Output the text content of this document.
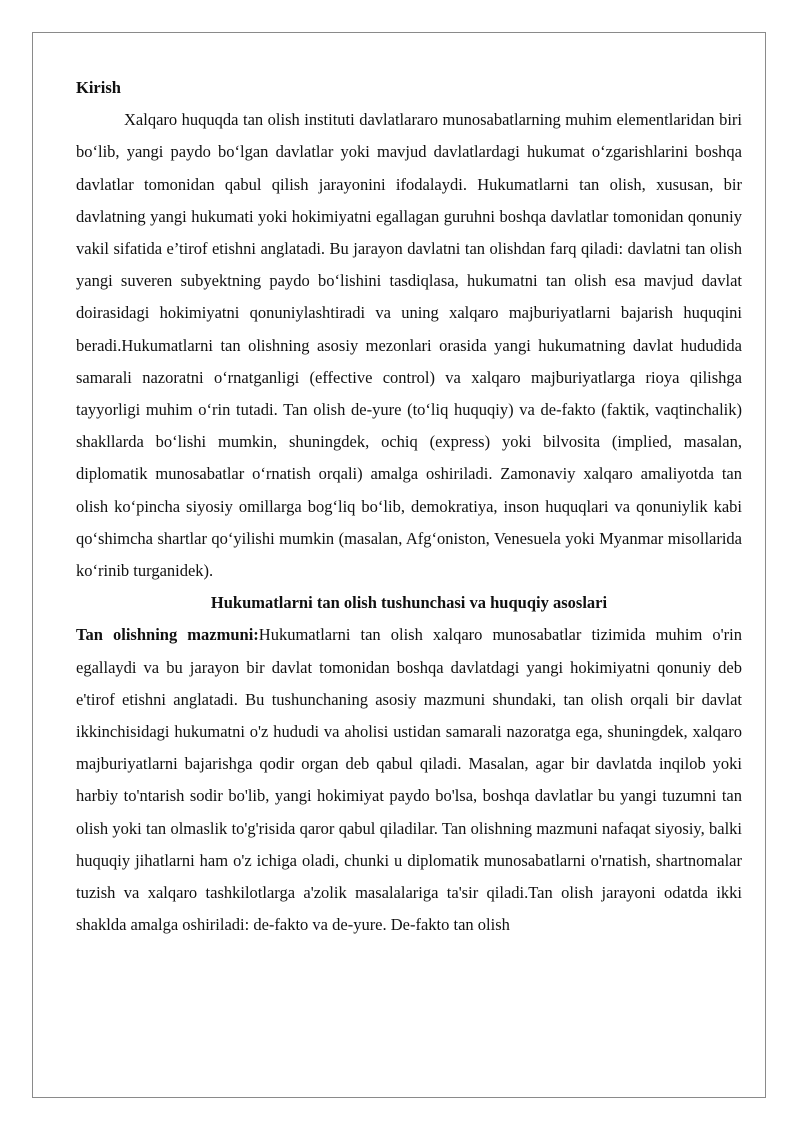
Kirish

Xalqaro huquqda tan olish instituti davlatlararo munosabatlarning muhim elementlaridan biri bo‘lib, yangi paydo bo‘lgan davlatlar yoki mavjud davlatlardagi hukumat o‘zgarishlarini boshqa davlatlar tomonidan qabul qilish jarayonini ifodalaydi. Hukumatlarni tan olish, xususan, bir davlatning yangi hukumati yoki hokimiyatni egallagan guruhni boshqa davlatlar tomonidan qonuniy vakil sifatida e’tirof etishni anglatadi. Bu jarayon davlatni tan olishdan farq qiladi: davlatni tan olish yangi suveren subyektning paydo bo‘lishini tasdiqlasa, hukumatni tan olish esa mavjud davlat doirasidagi hokimiyatni qonuniylashtiradi va uning xalqaro majburiyatlarni bajarish huquqini beradi.Hukumatlarni tan olishning asosiy mezonlari orasida yangi hukumatning davlat hududida samarali nazoratni o‘rnatganligi (effective control) va xalqaro majburiyatlarga rioya qilishga tayyorligi muhim o‘rin tutadi. Tan olish de-yure (to‘liq huquqiy) va de-fakto (faktik, vaqtinchalik) shakllarda bo‘lishi mumkin, shuningdek, ochiq (express) yoki bilvosita (implied, masalan, diplomatik munosabatlar o‘rnatish orqali) amalga oshiriladi. Zamonaviy xalqaro amaliyotda tan olish ko‘pincha siyosiy omillarga bog‘liq bo‘lib, demokratiya, inson huquqlari va qonuniylik kabi qo‘shimcha shartlar qo‘yilishi mumkin (masalan, Afg‘oniston, Venesuela yoki Myanmar misollarida ko‘rinib turganidek).

Hukumatlarni tan olish tushunchasi va huquqiy asoslari

Tan olishning mazmuni:Hukumatlarni tan olish xalqaro munosabatlar tizimida muhim o'rin egallaydi va bu jarayon bir davlat tomonidan boshqa davlatdagi yangi hokimiyatni qonuniy deb e'tirof etishni anglatadi. Bu tushunchaning asosiy mazmuni shundaki, tan olish orqali bir davlat ikkinchisidagi hukumatni o'z hududi va aholisi ustidan samarali nazoratga ega, shuningdek, xalqaro majburiyatlarni bajarishga qodir organ deb qabul qiladi. Masalan, agar bir davlatda inqilob yoki harbiy to'ntarish sodir bo'lib, yangi hokimiyat paydo bo'lsa, boshqa davlatlar bu yangi tuzumni tan olish yoki tan olmaslik to'g'risida qaror qabul qiladilar. Tan olishning mazmuni nafaqat siyosiy, balki huquqiy jihatlarni ham o'z ichiga oladi, chunki u diplomatik munosabatlarni o'rnatish, shartnomalar tuzish va xalqaro tashkilotlarga a'zolik masalalariga ta'sir qiladi.Tan olish jarayoni odatda ikki shaklda amalga oshiriladi: de-fakto va de-yure. De-fakto tan olish
